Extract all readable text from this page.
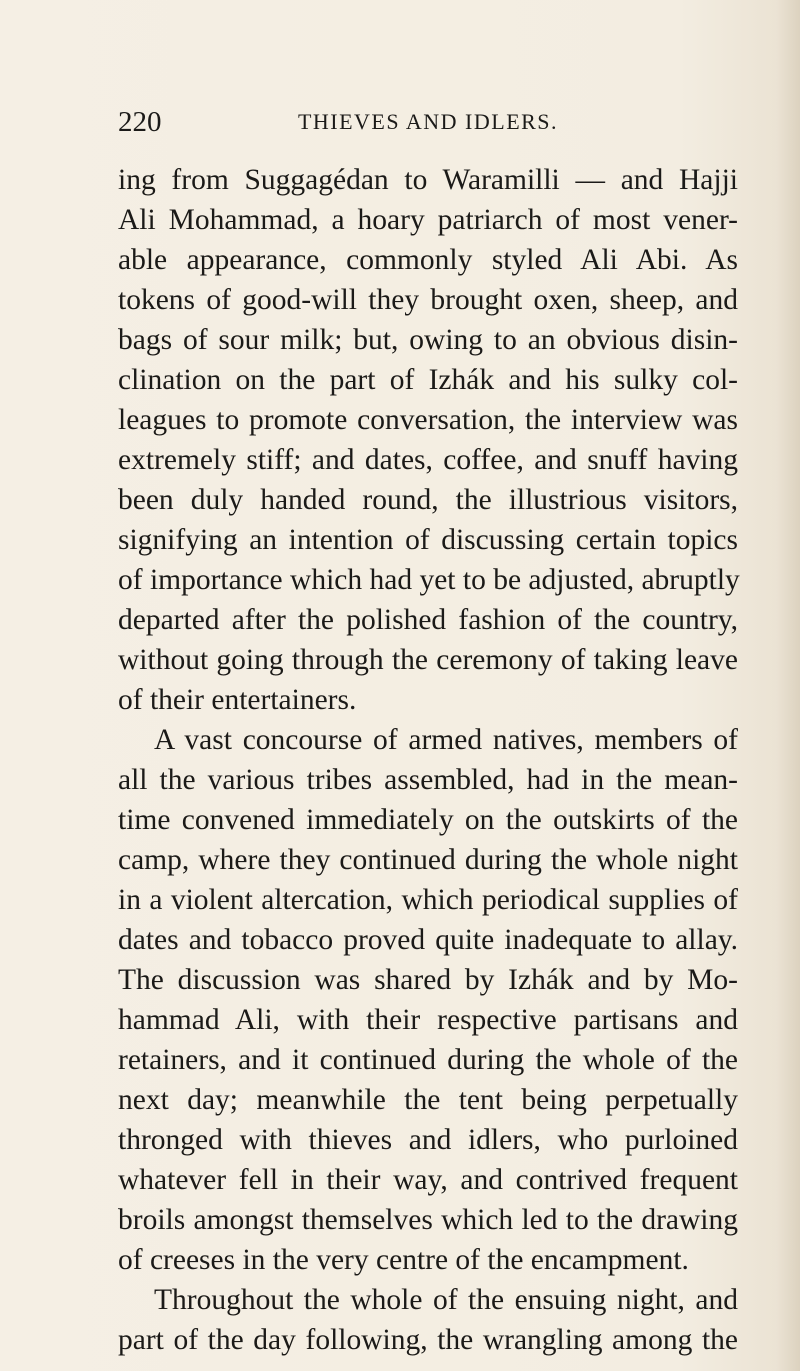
220	THIEVES AND IDLERS.
ing from Suggagédan to Waramilli — and Hajji
Ali Mohammad, a hoary patriarch of most vener-
able appearance, commonly styled Ali Abi. As
tokens of good-will they brought oxen, sheep, and
bags of sour milk; but, owing to an obvious disin-
clination on the part of Izhák and his sulky col-
leagues to promote conversation, the interview was
extremely stiff; and dates, coffee, and snuff having
been duly handed round, the illustrious visitors,
signifying an intention of discussing certain topics
of importance which had yet to be adjusted, abruptly
departed after the polished fashion of the country,
without going through the ceremony of taking leave
of their entertainers.
A vast concourse of armed natives, members of
all the various tribes assembled, had in the mean-
time convened immediately on the outskirts of the
camp, where they continued during the whole night
in a violent altercation, which periodical supplies of
dates and tobacco proved quite inadequate to allay.
The discussion was shared by Izhák and by Mo-
hammad Ali, with their respective partisans and
retainers, and it continued during the whole of the
next day; meanwhile the tent being perpetually
thronged with thieves and idlers, who purloined
whatever fell in their way, and contrived frequent
broils amongst themselves which led to the drawing
of creeses in the very centre of the encampment.
Throughout the whole of the ensuing night, and
part of the day following, the wrangling among the
